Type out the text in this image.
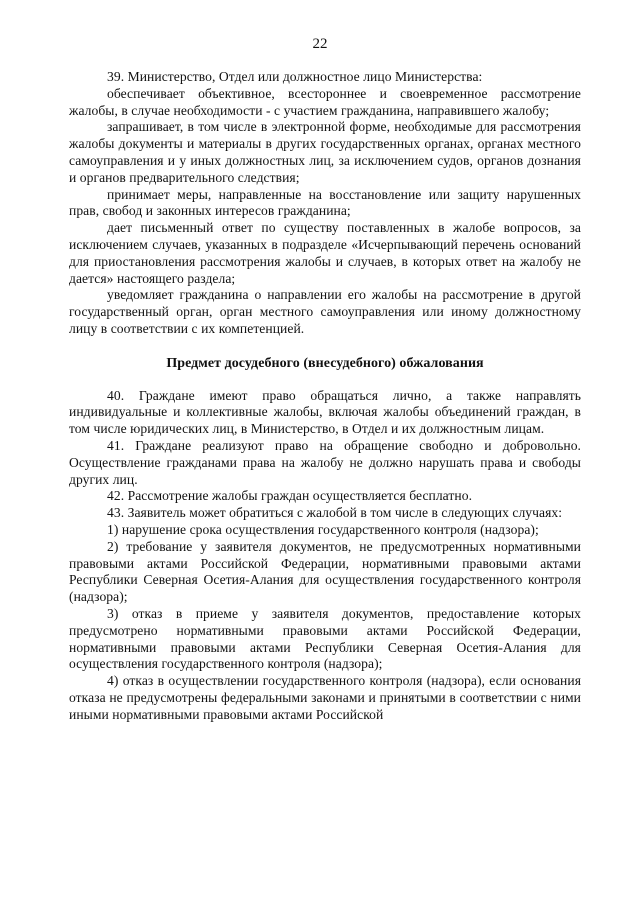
22

39. Министерство, Отдел или должностное лицо Министерства:

обеспечивает объективное, всестороннее и своевременное рассмотрение жалобы, в случае необходимости - с участием гражданина, направившего жалобу;

запрашивает, в том числе в электронной форме, необходимые для рассмотрения жалобы документы и материалы в других государственных органах, органах местного самоуправления и у иных должностных лиц, за исключением судов, органов дознания и органов предварительного следствия;

принимает меры, направленные на восстановление или защиту нарушенных прав, свобод и законных интересов гражданина;

дает письменный ответ по существу поставленных в жалобе вопросов, за исключением случаев, указанных в подразделе «Исчерпывающий перечень оснований для приостановления рассмотрения жалобы и случаев, в которых ответ на жалобу не дается» настоящего раздела;

уведомляет гражданина о направлении его жалобы на рассмотрение в другой государственный орган, орган местного самоуправления или иному должностному лицу в соответствии с их компетенцией.

Предмет досудебного (внесудебного) обжалования

40. Граждане имеют право обращаться лично, а также направлять индивидуальные и коллективные жалобы, включая жалобы объединений граждан, в том числе юридических лиц, в Министерство, в Отдел и их должностным лицам.

41. Граждане реализуют право на обращение свободно и добровольно. Осуществление гражданами права на жалобу не должно нарушать права и свободы других лиц.

42. Рассмотрение жалобы граждан осуществляется бесплатно.

43. Заявитель может обратиться с жалобой в том числе в следующих случаях:

1) нарушение срока осуществления государственного контроля (надзора);

2) требование у заявителя документов, не предусмотренных нормативными правовыми актами Российской Федерации, нормативными правовыми актами Республики Северная Осетия-Алания для осуществления государственного контроля (надзора);

3) отказ в приеме у заявителя документов, предоставление которых предусмотрено нормативными правовыми актами Российской Федерации, нормативными правовыми актами Республики Северная Осетия-Алания для осуществления государственного контроля (надзора);

4) отказ в осуществлении государственного контроля (надзора), если основания отказа не предусмотрены федеральными законами и принятыми в соответствии с ними иными нормативными правовыми актами Российской
